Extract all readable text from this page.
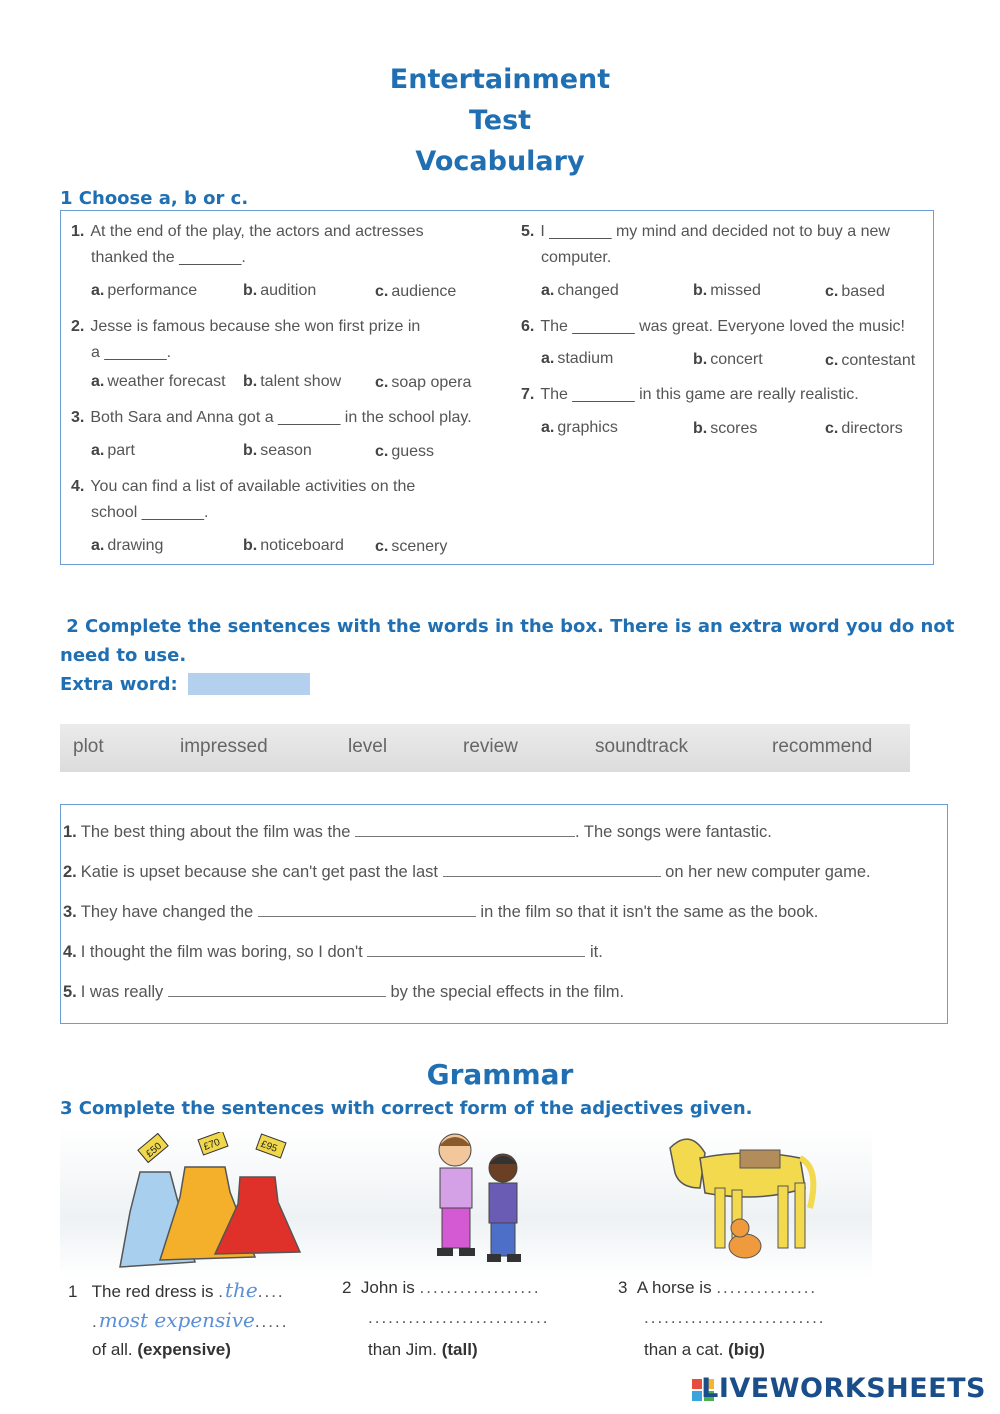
Entertainment
Test
Vocabulary
1 Choose a, b or c.
1. At the end of the play, the actors and actresses
thanked the _______.
a. performance	b. audition	c. audience
2. Jesse is famous because she won first prize in
a _______.
a. weather forecast b. talent show c. soap opera
3. Both Sara and Anna got a _______ in the school play.
a. part	b. season	c. guess
4. You can find a list of available activities on the
school _______.
a. drawing	b. noticeboard c. scenery
5. I _______ my mind and decided not to buy a new
computer.
a. changed	b. missed	c. based
6. The _______ was great. Everyone loved the music!
a. stadium	b. concert	c. contestant
7. The _______ in this game are really realistic.
a. graphics	b. scores	c. directors
2 Complete the sentences with the words in the box. There is an extra word you do not
need to use.
Extra word:
plot	impressed	level	review	soundtrack	recommend
1. The best thing about the film was the	. The songs were fantastic.
2. Katie is upset because she can't get past the last	on her new computer game.
3. They have changed the	in the film so that it isn't the same as the book.
4. I thought the film was boring, so I don't	it.
5. I was really	by the special effects in the film.
Grammar
3 Complete the sentences with correct form of the adjectives given.
£50	£70	£95
1 The red dress is .the....
.most expensive.....
of all. (expensive)
2 John is ..................
...........................
than Jim. (tall)
3 A horse is ...............
...........................
than a cat. (big)
LIVEWORKSHEETS
